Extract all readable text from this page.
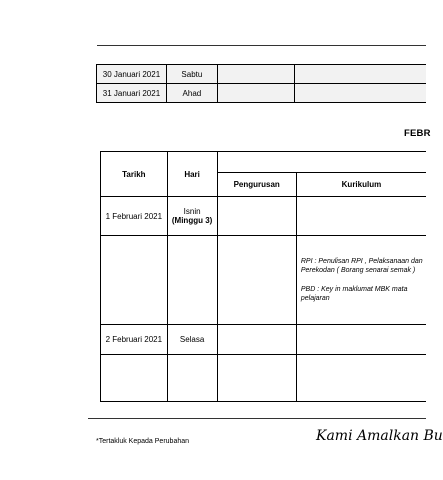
30 Januari 2021	Sabtu		
31 Januari 2021	Ahad		
FEBR
Tarikh	Hari		
		Pengurusan	Kurikulum
1 Februari 2021	Isnin
(Minggu 3)		

			RPI : Penulisan RPI , Pelaksanaan dan Perekodan ( Borang senarai semak )

PBD : Key in maklumat MBK mata pelajaran

2 Februari 2021	Selasa		

*Tertakluk Kepada Perubahan	Kami Amalkan Bu
